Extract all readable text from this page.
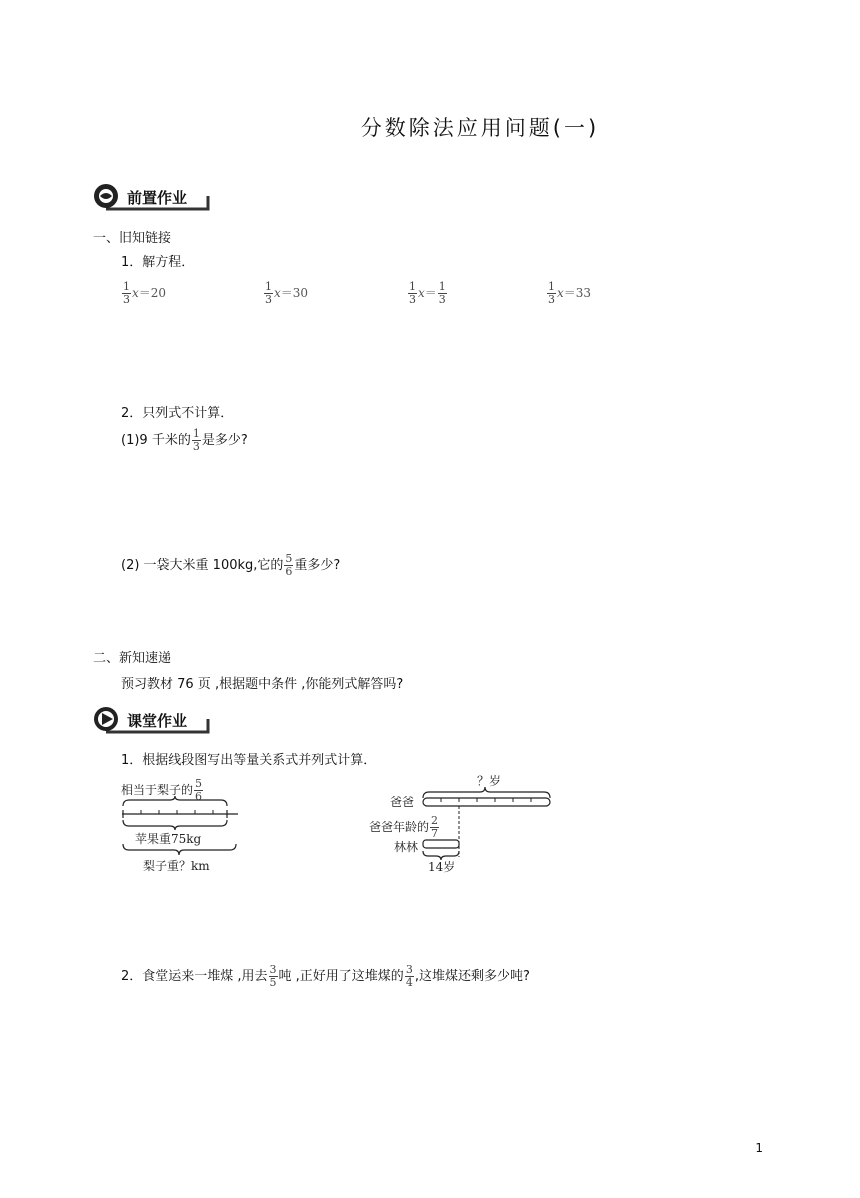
分数除法应用问题(一)
前置作业
一、旧知链接
1．解方程．
$\frac{1}{3} x=20$	$\frac{1}{3} x=30$	$\frac{1}{3} x= \frac{1}{3}$	$\frac{1}{3} x=33$
2．只列式不计算．
(1)9 千米的 $\frac{1}{3}$ 是多少?
(2) 一袋大米重 100kg,它的 $\frac{5}{6}$ 重多少?
二、新知速递
预习教材 76 页 ,根据题中条件 ,你能列式解答吗?
课堂作业
1．根据线段图写出等量关系式并列式计算．
相当于梨子的 $\frac{5}{6}$
苹果重75kg
梨子重？km
？岁
爸爸
爸爸年龄的 $\frac{2}{7}$
林林
14岁
2．食堂运来一堆煤 ,用去 $\frac{3}{5}$ 吨 ,正好用了这堆煤的 $\frac{3}{4}$ ,这堆煤还剩多少吨?
1
